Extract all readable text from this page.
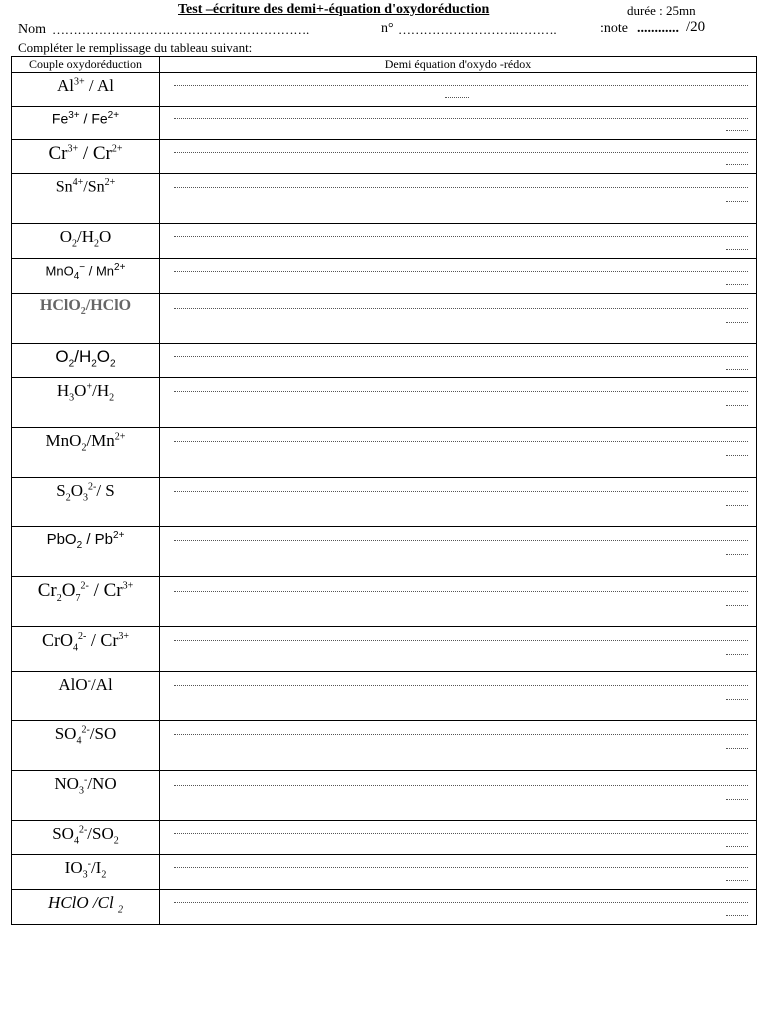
Test –écriture des demi+-équation d'oxydoréduction	durée : 25mn
Nom …………………………………………………….	n° ……………………….……….	:note ............ /20
Compléter le remplissage du tableau suivant:
Couple oxydoréduction	Demi équation d'oxydo -rédox
$Al^{3+}$ / Al	

$Fe^{3+} / Fe^{2+}$	

$Cr^{3+} / Cr^{2+}$	

$Sn^{4+}/Sn^{2+}$	

$O_2/H_2O$	

$MnO_4^- / Mn^{2+}$	

HClO$_2$/HClO	

$O_2/H_2O_2$	

$H_3O^+/H_2$	

$MnO_2/Mn^{2+}$	

$S_2O_3^{2-}/$ S	

$PbO_2 / Pb^{2+}$	

$Cr_2O_7^{2-} / Cr^{3+}$	

$CrO_4^{2-} / Cr^{3+}$	

AlO-/Al	

$SO_4^{2-}/SO$	

$NO_3^-/NO$	

$SO_4^{2-}/SO_2$	

$IO_3^-/I_2$	

HClO /Cl $_2$	
